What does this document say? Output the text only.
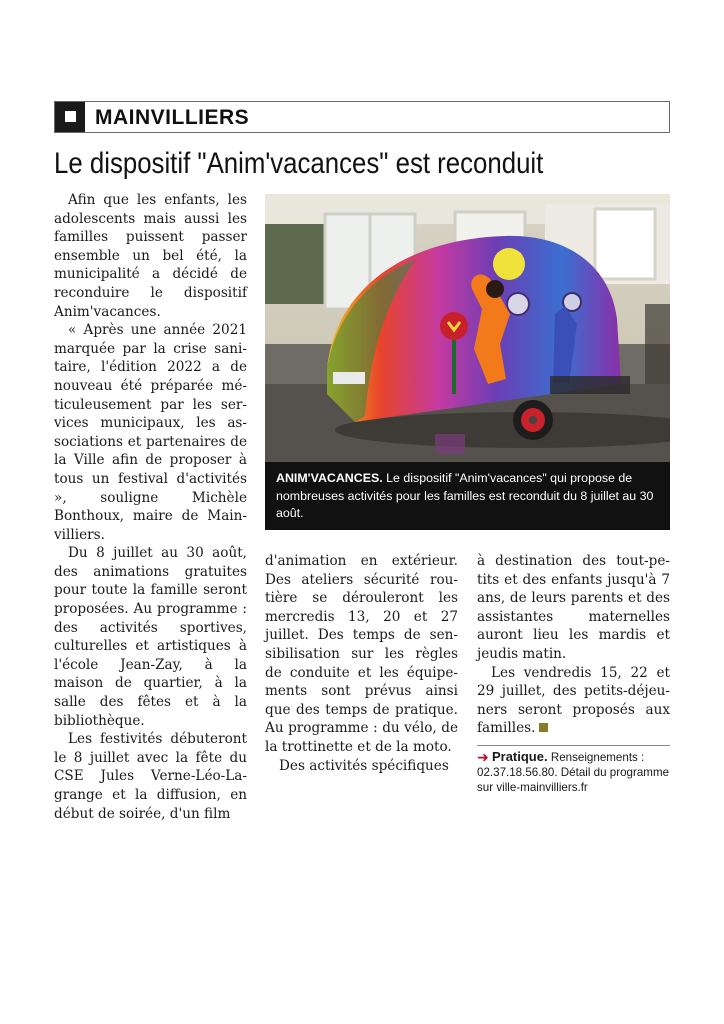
MAINVILLIERS
Le dispositif "Anim'vacances" est reconduit

Afin que les enfants, les adolescents mais aussi les familles puissent passer ensemble un bel été, la municipalité a décidé de reconduire le dispositif Anim'vacances.

« Après une année 2021 marquée par la crise sanitaire, l'édition 2022 a de nouveau été préparée méticuleusement par les services municipaux, les associations et partenaires de la Ville afin de proposer à tous un festival d'activités », souligne Michèle Bonthoux, maire de Mainvilliers.

Du 8 juillet au 30 août, des animations gratuites pour toute la famille seront proposées. Au programme : des activités sportives, culturelles et artistiques à l'école Jean-Zay, à la maison de quartier, à la salle des fêtes et à la bibliothèque.

Les festivités débuteront le 8 juillet avec la fête du CSE Jules Verne-Léo-Lagrange et la diffusion, en début de soirée, d'un film

ANIM'VACANCES. Le dispositif "Anim'vacances" qui propose de nombreuses activités pour les familles est reconduit du 8 juillet au 30 août.

d'animation en extérieur. Des ateliers sécurité routière se dérouleront les mercredis 13, 20 et 27 juillet. Des temps de sensibilisation sur les règles de conduite et les équipements sont prévus ainsi que des temps de pratique. Au programme : du vélo, de la trottinette et de la moto.

Des activités spécifiques

à destination des tout-petits et des enfants jusqu'à 7 ans, de leurs parents et des assistantes maternelles auront lieu les mardis et jeudis matin.

Les vendredis 15, 22 et 29 juillet, des petits-déjeuners seront proposés aux familles.

➜ Pratique. Renseignements : 02.37.18.56.80. Détail du programme sur ville-mainvilliers.fr
